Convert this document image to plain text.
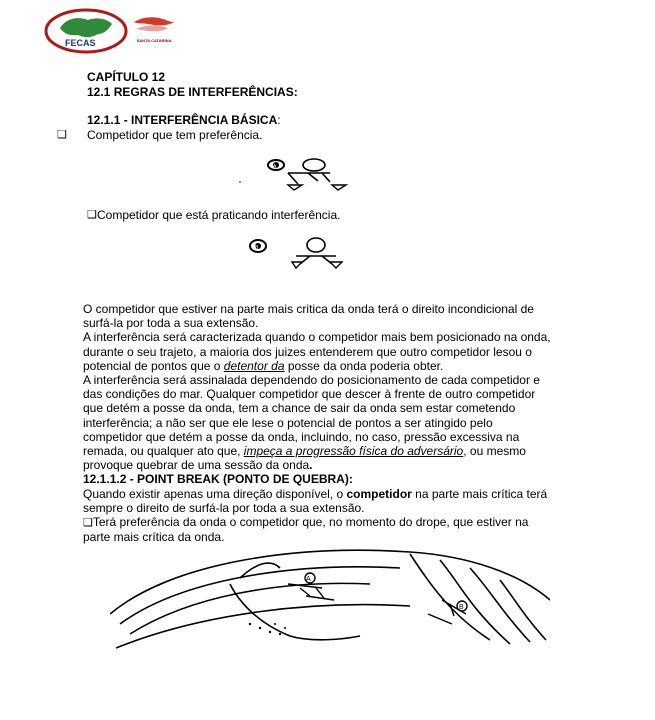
FECAS	SANTA CATARINA
CAPÍTULO 12
12.1 REGRAS DE INTERFERÊNCIAS:
12.1.1 - INTERFERÊNCIA BÁSICA:
❑ Competidor que tem preferência.
A
❑ Competidor que está praticando interferência.
B

O competidor que estiver na parte mais critica da onda terá o direito incondicional de surfá-la por toda a sua extensão.

A interferência será caracterizada quando o competidor mais bem posicionado na onda, durante o seu trajeto, a maioria dos juizes entenderem que outro competidor lesou o potencial de pontos que o detentor da posse da onda poderia obter.

A interferência será assinalada dependendo do posicionamento de cada competidor e das condições do mar. Qualquer competidor que descer à frente de outro competidor que detém a posse da onda, tem a chance de sair da onda sem estar cometendo interferência; a não ser que ele lese o potencial de pontos a ser atingido pelo competidor que detém a posse da onda, incluindo, no caso, pressão excessiva na remada, ou qualquer ato que, impeça a progressão física do adversário, ou mesmo provoque quebrar de uma sessão da onda.

12.1.1.2 - POINT BREAK (PONTO DE QUEBRA):

Quando existir apenas uma direção disponível, o competidor na parte mais crítica terá sempre o direito de surfá-la por toda a sua extensão.

❑Terá preferência da onda o competidor que, no momento do drope, que estiver na parte mais crítica da onda.

A
B
